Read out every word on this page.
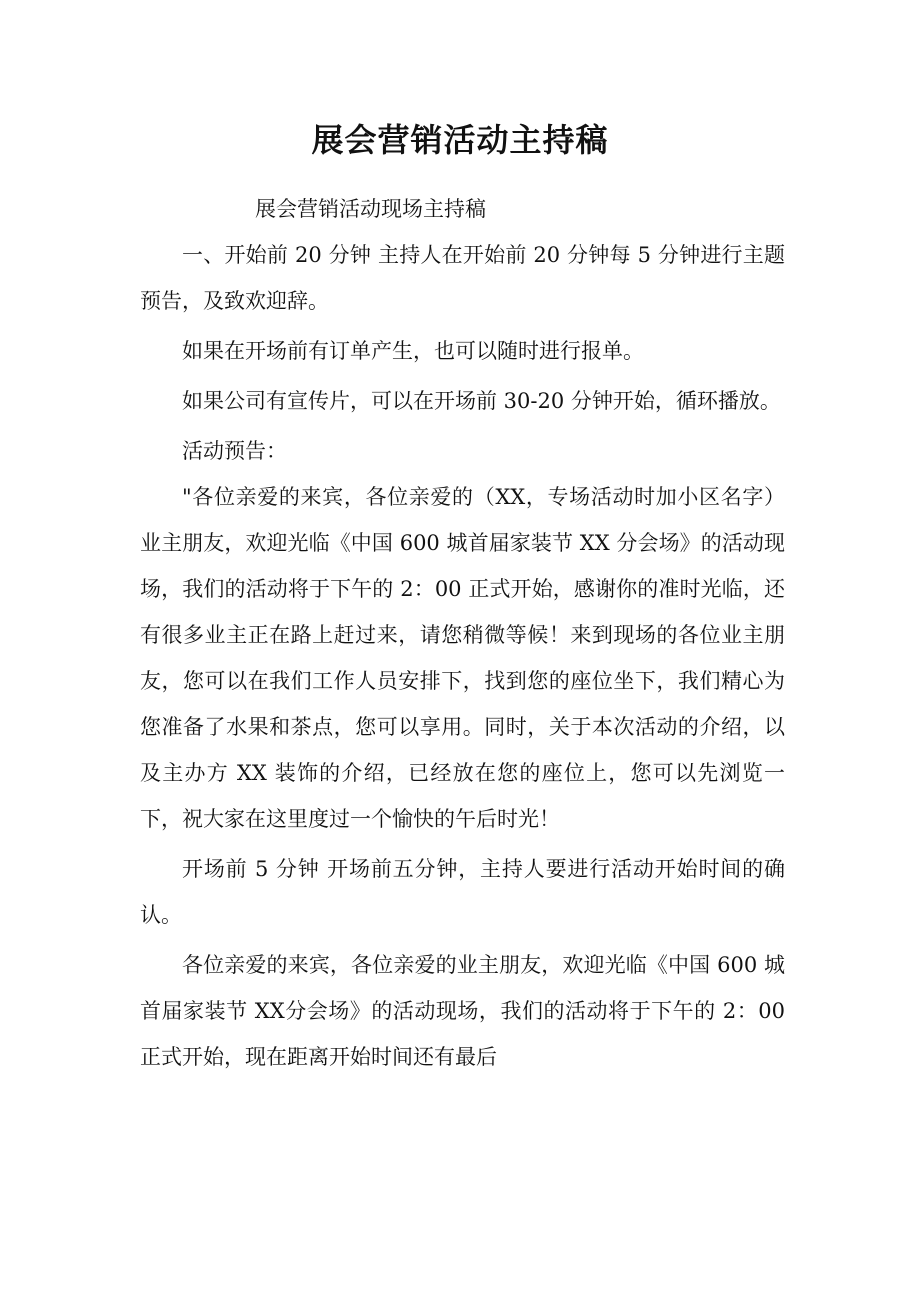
展会营销活动主持稿

展会营销活动现场主持稿

一、开始前 20 分钟 主持人在开始前 20 分钟每 5 分钟进行主题预告，及致欢迎辞。

如果在开场前有订单产生，也可以随时进行报单。

如果公司有宣传片，可以在开场前 30-20 分钟开始，循环播放。

活动预告：

"各位亲爱的来宾，各位亲爱的（XX，专场活动时加小区名字）业主朋友，欢迎光临《中国 600 城首届家装节 XX 分会场》的活动现场，我们的活动将于下午的 2：00 正式开始，感谢你的准时光临，还有很多业主正在路上赶过来，请您稍微等候！来到现场的各位业主朋友，您可以在我们工作人员安排下，找到您的座位坐下，我们精心为您准备了水果和茶点，您可以享用。同时，关于本次活动的介绍，以及主办方 XX 装饰的介绍，已经放在您的座位上，您可以先浏览一下，祝大家在这里度过一个愉快的午后时光！

开场前 5 分钟 开场前五分钟，主持人要进行活动开始时间的确认。

各位亲爱的来宾，各位亲爱的业主朋友，欢迎光临《中国 600 城首届家装节 XX分会场》的活动现场，我们的活动将于下午的 2：00 正式开始，现在距离开始时间还有最后
